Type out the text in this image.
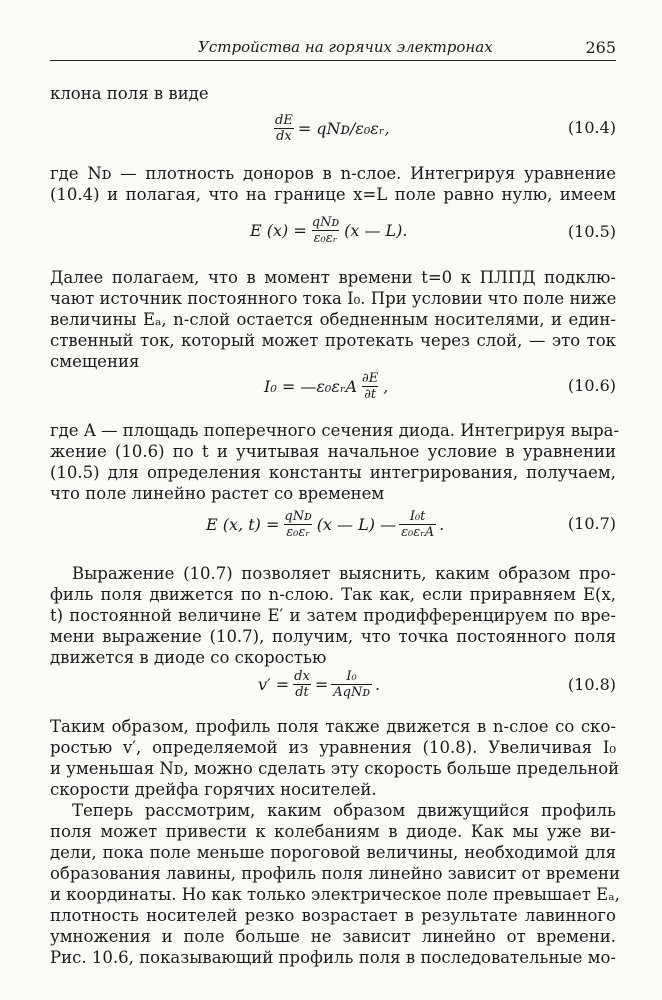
Устройства на горячих электронах	265
клона поля в виде
$\frac{dE}{dx}$ = qNᴅ/ε₀εᵣ,	(10.4)
где Nᴅ — плотность доноров в n-слое. Интегрируя уравнение
(10.4) и полагая, что на границе x=L поле равно нулю, имеем
E $(x) = \frac{\text{qNᴅ}}{\text{ε₀εᵣ}} (x$ — L).	(10.5)
Далее полагаем, что в момент времени t=0 к ПЛПД подклю-
чают источник постоянного тока I₀. При условии что поле ниже
величины Eₐ, n-слой остается обедненным носителями, и един-
ственный ток, который может протекать через слой, — это ток
смещения
I₀ = —ε₀εᵣA $\frac{\partial E}{\partial t}$ ,	(10.6)
где A — площадь поперечного сечения диода. Интегрируя выра-
жение (10.6) по t и учитывая начальное условие в уравнении
(10.5) для определения константы интегрирования, получаем,
что поле линейно растет со временем
E (x, $t) = \frac{\text{qNᴅ}}{\text{ε₀εᵣ}} (x$ — L) — $\frac{\text{I₀t}}{\text{ε₀εᵣA}}$ .	(10.7)
Выражение (10.7) позволяет выяснить, каким образом про-
филь поля движется по n-слою. Так как, если приравняем E(x,
t) постоянной величине E′ и затем продифференцируем по вре-
мени выражение (10.7), получим, что точка постоянного поля
движется в диоде со скоростью
$v' = \frac{dx}{dt} = \frac{\text{I₀}}{\text{AqNᴅ}}$ .	(10.8)
Таким образом, профиль поля также движется в n-слое со ско-
ростью v′, определяемой из уравнения (10.8). Увеличивая I₀
и уменьшая Nᴅ, можно сделать эту скорость больше предельной
скорости дрейфа горячих носителей.
Теперь рассмотрим, каким образом движущийся профиль
поля может привести к колебаниям в диоде. Как мы уже ви-
дели, пока поле меньше пороговой величины, необходимой для
образования лавины, профиль поля линейно зависит от времени
и координаты. Но как только электрическое поле превышает Eₐ,
плотность носителей резко возрастает в результате лавинного
умножения и поле больше не зависит линейно от времени.
Рис. 10.6, показывающий профиль поля в последовательные мо-
